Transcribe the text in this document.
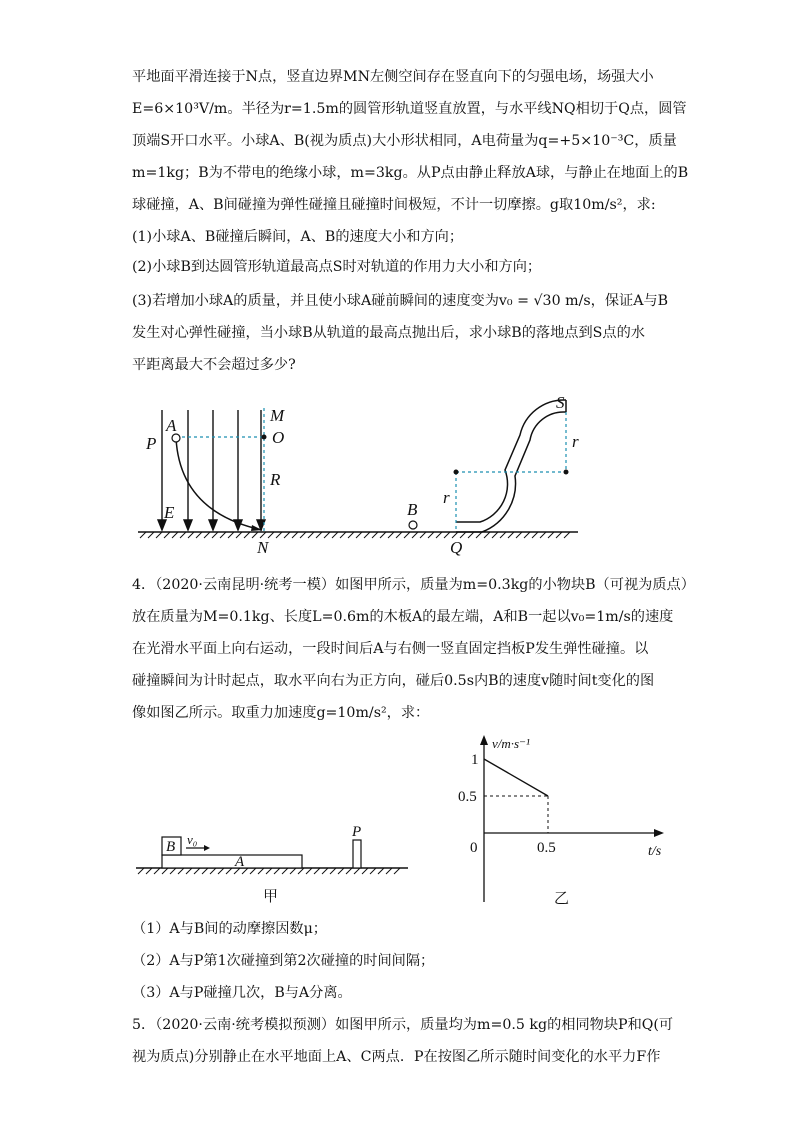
平地面平滑连接于N点，竖直边界MN左侧空间存在竖直向下的匀强电场，场强大小
E=6×10³V/m。半径为r=1.5m的圆管形轨道竖直放置，与水平线NQ相切于Q点，圆管
顶端S开口水平。小球A、B(视为质点)大小形状相同，A电荷量为q=+5×10⁻³C，质量
m=1kg；B为不带电的绝缘小球，m=3kg。从P点由静止释放A球，与静止在地面上的B
球碰撞，A、B间碰撞为弹性碰撞且碰撞时间极短，不计一切摩擦。g取10m/s²，求:
(1)小球A、B碰撞后瞬间，A、B的速度大小和方向；
(2)小球B到达圆管形轨道最高点S时对轨道的作用力大小和方向；
(3)若增加小球A的质量，并且使小球A碰前瞬间的速度变为v₀ = √30 m/s，保证A与B
发生对心弹性碰撞，当小球B从轨道的最高点抛出后，求小球B的落地点到S点的水
平距离最大不会超过多少?
M
O
R
N
P
A
E	B
Q
S
r
r
4．（2020·云南昆明·统考一模）如图甲所示，质量为m=0.3kg的小物块B（可视为质点）
放在质量为M=0.1kg、长度L=0.6m的木板A的最左端，A和B一起以v₀=1m/s的速度
在光滑水平面上向右运动，一段时间后A与右侧一竖直固定挡板P发生弹性碰撞。以
碰撞瞬间为计时起点，取水平向右为正方向，碰后0.5s内B的速度v随时间t变化的图
像如图乙所示。取重力加速度g=10m/s²，求：
B v₀
A
P
甲
0.5
1
0.5
v/m·s⁻¹
t/s
0
乙
（1）A与B间的动摩擦因数μ；
（2）A与P第1次碰撞到第2次碰撞的时间间隔；
（3）A与P碰撞几次，B与A分离。
5．（2020·云南·统考模拟预测）如图甲所示，质量均为m=0.5 kg的相同物块P和Q(可
视为质点)分别静止在水平地面上A、C两点．P在按图乙所示随时间变化的水平力F作
